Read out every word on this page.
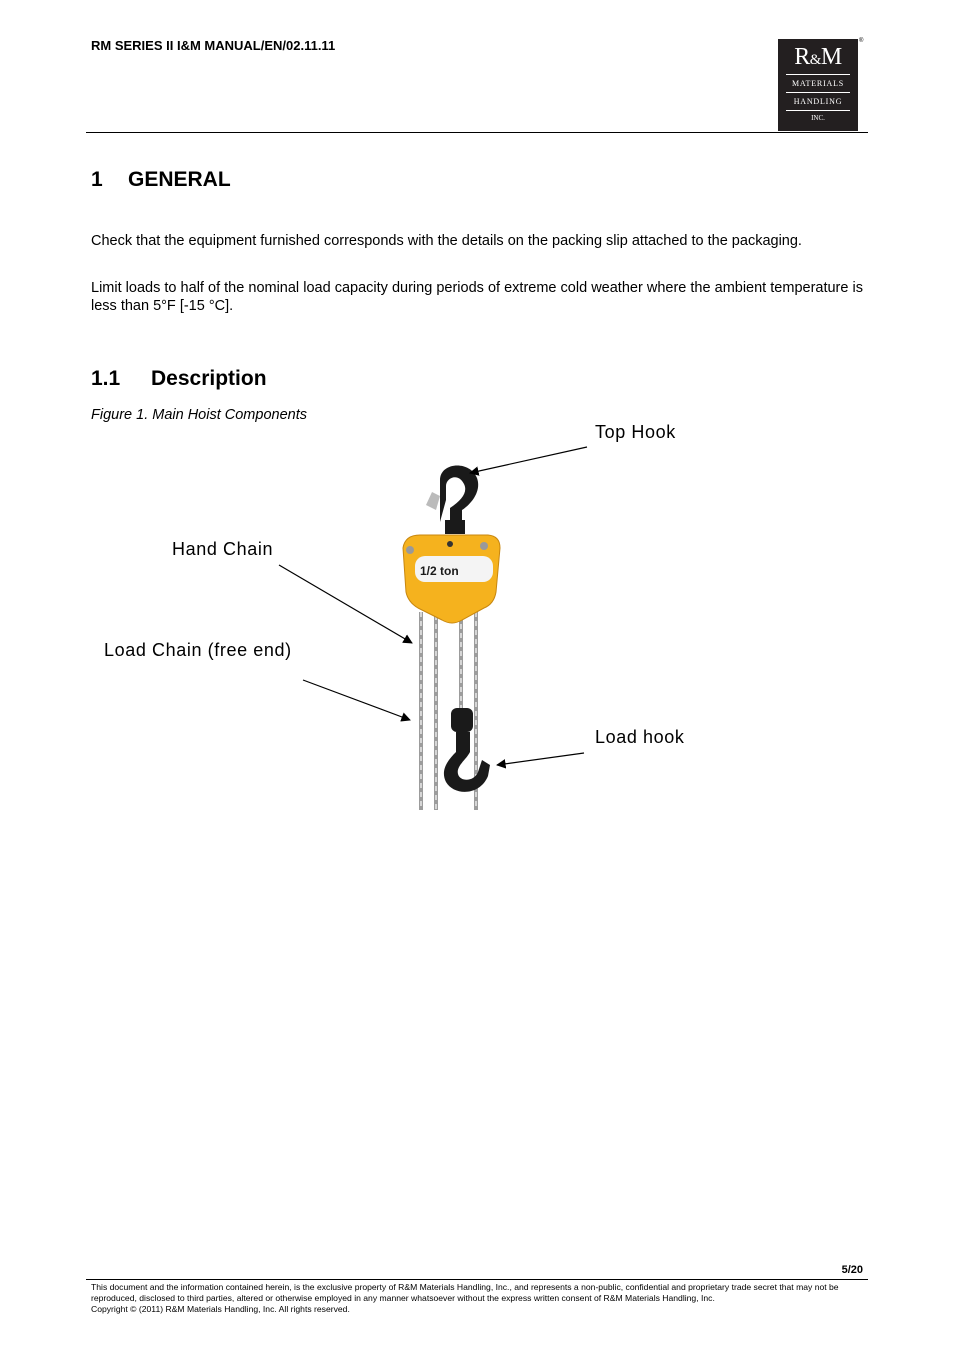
RM SERIES II I&M MANUAL/EN/02.11.11	R&M
MATERIALS
HANDLING
INC.
®
1 GENERAL
Check that the equipment furnished corresponds with the details on the packing slip attached to the packaging.
Limit loads to half of the nominal load capacity during periods of extreme cold weather where the ambient temperature is less than 5°F [-15 °C].
1.1 Description
Figure 1. Main Hoist Components
1/2 ton
Top Hook
Hand Chain
Load Chain (free end)
Load hook
5/20
This document and the information contained herein, is the exclusive property of R&M Materials Handling, Inc., and represents a non-public, confidential and proprietary trade secret that may not be reproduced, disclosed to third parties, altered or otherwise employed in any manner whatsoever without the express written consent of R&M Materials Handling, Inc.
Copyright © (2011) R&M Materials Handling, Inc. All rights reserved.
